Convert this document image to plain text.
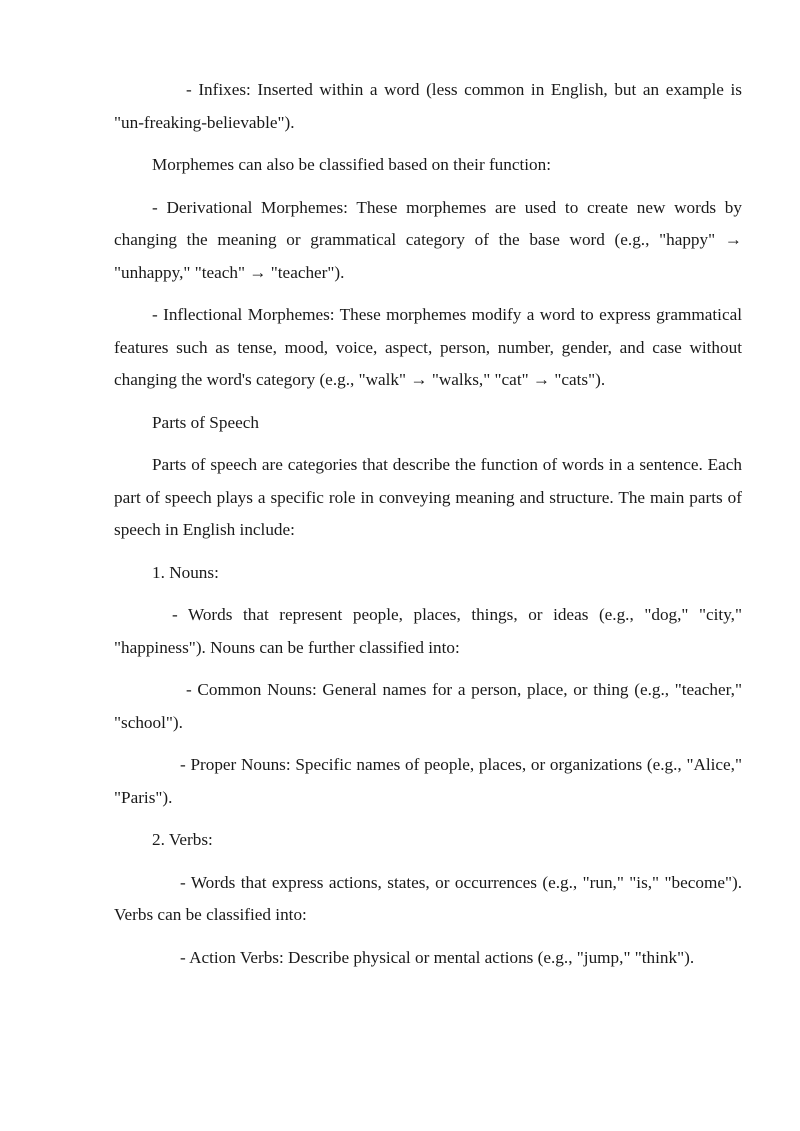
- Infixes: Inserted within a word (less common in English, but an example is "un-freaking-believable").

Morphemes can also be classified based on their function:

- Derivational Morphemes: These morphemes are used to create new words by changing the meaning or grammatical category of the base word (e.g., "happy" → "unhappy," "teach" → "teacher").

- Inflectional Morphemes: These morphemes modify a word to express grammatical features such as tense, mood, voice, aspect, person, number, gender, and case without changing the word's category (e.g., "walk" → "walks," "cat" → "cats").

Parts of Speech

Parts of speech are categories that describe the function of words in a sentence. Each part of speech plays a specific role in conveying meaning and structure. The main parts of speech in English include:

1. Nouns:

- Words that represent people, places, things, or ideas (e.g., "dog," "city," "happiness"). Nouns can be further classified into:

- Common Nouns: General names for a person, place, or thing (e.g., "teacher," "school").

- Proper Nouns: Specific names of people, places, or organizations (e.g., "Alice," "Paris").

2. Verbs:

- Words that express actions, states, or occurrences (e.g., "run," "is," "become"). Verbs can be classified into:

- Action Verbs: Describe physical or mental actions (e.g., "jump," "think").
